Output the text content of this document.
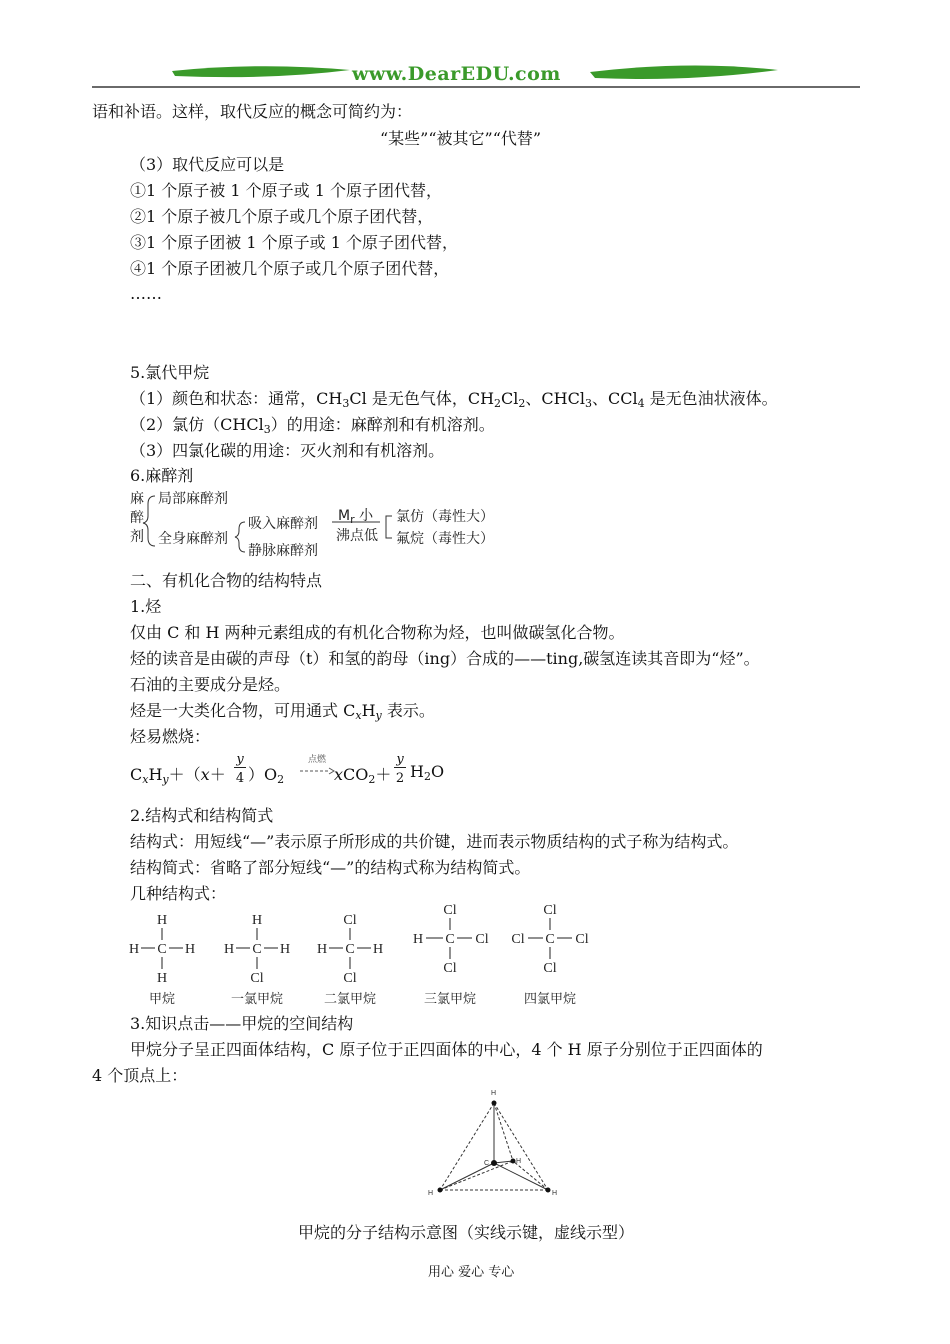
www.DearEDU.com
语和补语。这样，取代反应的概念可简约为：
“某些”“被其它”“代替”
（3）取代反应可以是
①1 个原子被 1 个原子或 1 个原子团代替，
②1 个原子被几个原子或几个原子团代替，
③1 个原子团被 1 个原子或 1 个原子团代替，
④1 个原子团被几个原子或几个原子团代替，
……
5.氯代甲烷
（1）颜色和状态：通常，$CH_3Cl$ 是无色气体，$CH_2Cl_2$、CHCl$_3$、CCl$_4$ 是无色油状液体。
（2）氯仿（CHCl$_3$）的用途：麻醉剂和有机溶剂。
（3）四氯化碳的用途：灭火剂和有机溶剂。
6.麻醉剂
麻
醉
剂
局部麻醉剂
全身麻醉剂
吸入麻醉剂
静脉麻醉剂
$M_r$ 小
沸点低
氯仿（毒性大）
氟烷（毒性大）
二、有机化合物的结构特点
1.烃
仅由 C 和 H 两种元素组成的有机化合物称为烃，也叫做碳氢化合物。
烃的读音是由碳的声母（t）和氢的韵母（ing）合成的——ting,碳氢连读其音即为“烃”。
石油的主要成分是烃。
烃是一大类化合物，可用通式 $C_xH_y$ 表示。
烃易燃烧：
$C_xH_y+(x+$
y
4 ）$O_2$
点燃
xCO$_2$＋
y
2 $H_2O$
2.结构式和结构简式
结构式：用短线“—”表示原子所形成的共价键，进而表示物质结构的式子称为结构式。
结构简式：省略了部分短线“—”的结构式称为结构简式。
几种结构式：
H
H C H
H
甲烷
H
H C H
Cl
一氯甲烷
Cl
H C H
Cl
二氯甲烷
Cl
H C Cl
Cl
三氯甲烷
Cl
Cl C Cl
Cl
四氯甲烷
3.知识点击——甲烷的空间结构
甲烷分子呈正四面体结构，C 原子位于正四面体的中心，4 个 H 原子分别位于正四面体的
4 个顶点上：
H
C	H
H	H
甲烷的分子结构示意图（实线示键，虚线示型）
用心 爱心 专心
